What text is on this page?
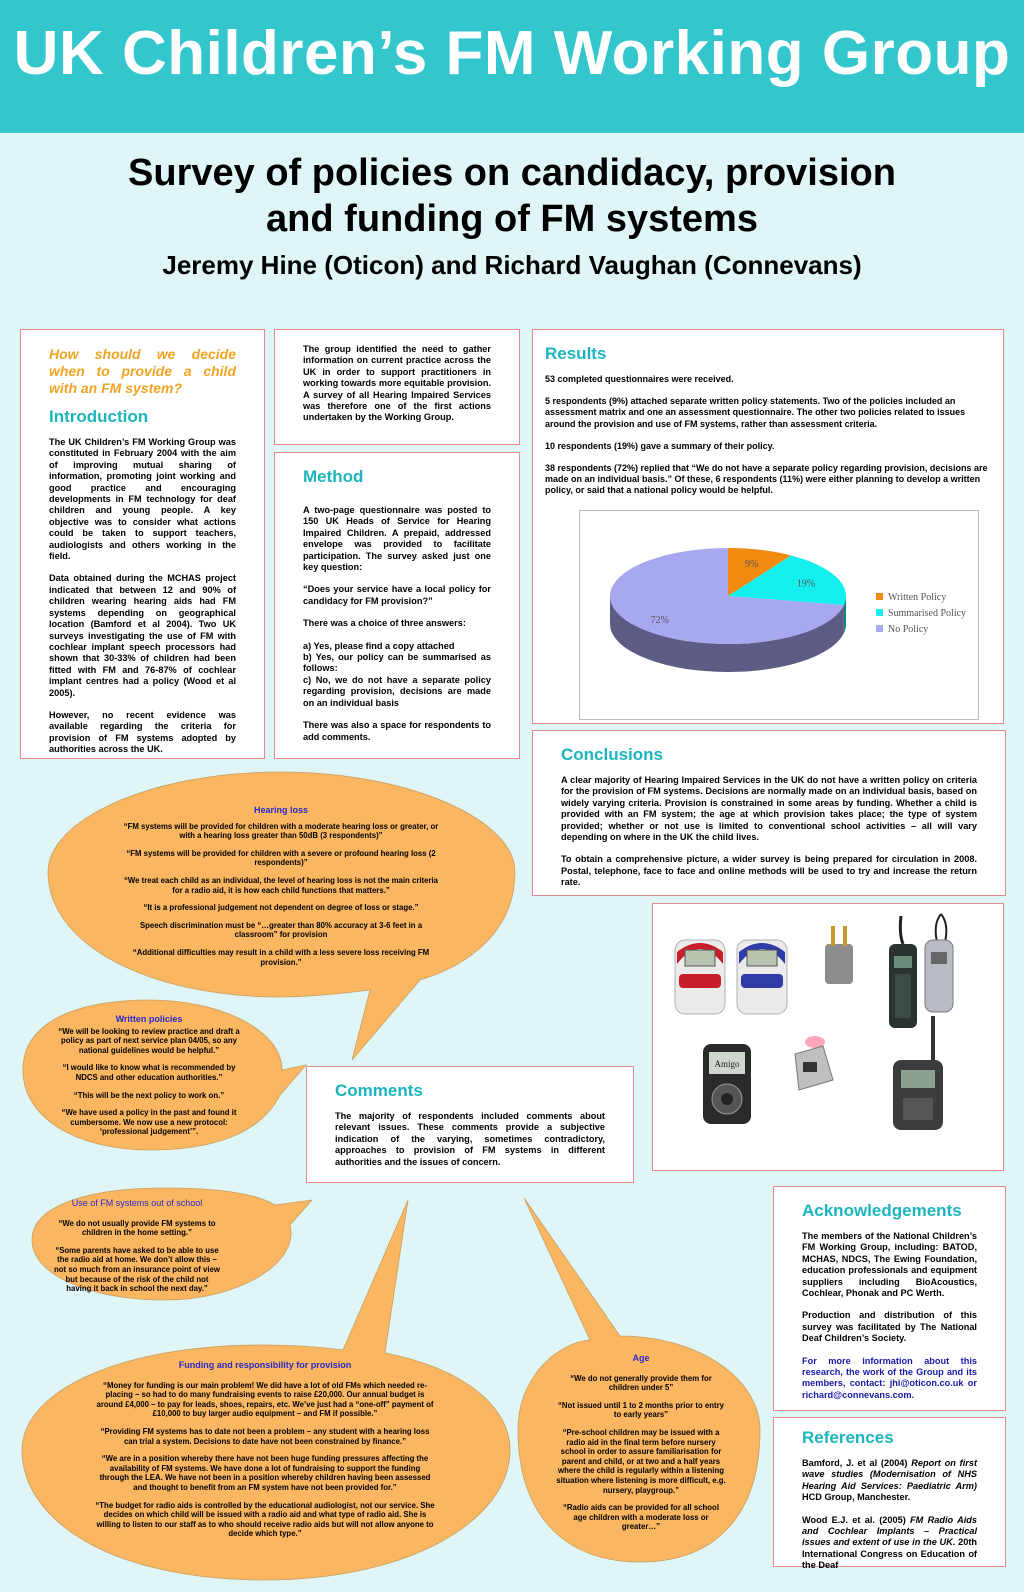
UK Children’s FM Working Group
Survey of policies on candidacy, provision
and funding of FM systems
Jeremy Hine (Oticon) and Richard Vaughan (Connevans)
How should we decide when to provide a child with an FM system?
Introduction

The UK Children’s FM Working Group was constituted in February 2004 with the aim of improving mutual sharing of information, promoting joint working and good practice and encouraging developments in FM technology for deaf children and young people. A key objective was to consider what actions could be taken to support teachers, audiologists and others working in the field.

Data obtained during the MCHAS project indicated that between 12 and 90% of children wearing hearing aids had FM systems depending on geographical location (Bamford et al 2004). Two UK surveys investigating the use of FM with cochlear implant speech processors had shown that 30-33% of children had been fitted with FM and 76-87% of cochlear implant centres had a policy (Wood et al 2005).

However, no recent evidence was available regarding the criteria for provision of FM systems adopted by authorities across the UK.

The group identified the need to gather information on current practice across the UK in order to support practitioners in working towards more equitable provision. A survey of all Hearing Impaired Services was therefore one of the first actions undertaken by the Working Group.
Method

A two-page questionnaire was posted to 150 UK Heads of Service for Hearing Impaired Children. A prepaid, addressed envelope was provided to facilitate participation. The survey asked just one key question:

“Does your service have a local policy for candidacy for FM provision?”

There was a choice of three answers:

a) Yes, please find a copy attached
b) Yes, our policy can be summarised as follows:

c) No, we do not have a separate policy regarding provision, decisions are made on an individual basis

There was also a space for respondents to add comments.

Results

53 completed questionnaires were received.

5 respondents (9%) attached separate written policy statements. Two of the policies included an assessment matrix and one an assessment questionnaire. The other two policies related to issues around the provision and use of FM systems, rather than assessment criteria.

10 respondents (19%) gave a summary of their policy.

38 respondents (72%) replied that “We do not have a separate policy regarding provision, decisions are made on an individual basis.” Of these, 6 respondents (11%) were either planning to develop a written policy, or said that a national policy would be helpful.

9%
19%
72%
Written Policy
Summarised Policy
No Policy
Conclusions

A clear majority of Hearing Impaired Services in the UK do not have a written policy on criteria for the provision of FM systems. Decisions are normally made on an individual basis, based on widely varying criteria. Provision is constrained in some areas by funding. Whether a child is provided with an FM system; the age at which provision takes place; the type of system provided; whether or not use is limited to conventional school activities – all will vary depending on where in the UK the child lives.

To obtain a comprehensive picture, a wider survey is being prepared for circulation in 2008. Postal, telephone, face to face and online methods will be used to try and increase the return rate.

Amigo
Comments
The majority of respondents included comments about relevant issues. These comments provide a subjective indication of the varying, sometimes contradictory, approaches to provision of FM systems in different authorities and the issues of concern.
Acknowledgements

The members of the National Children’s FM Working Group, including: BATOD, MCHAS, NDCS, The Ewing Foundation, education professionals and equipment suppliers including BioAcoustics, Cochlear, Phonak and PC Werth.

Production and distribution of this survey was facilitated by The National Deaf Children’s Society.

For more information about this research, the work of the Group and its members, contact: jhi@oticon.co.uk or richard@connevans.com.

References

Bamford, J. et al (2004) Report on first wave studies (Modernisation of NHS Hearing Aid Services: Paediatric Arm) HCD Group, Manchester.

Wood E.J. et al. (2005) FM Radio Aids and Cochlear Implants – Practical issues and extent of use in the UK. 20th International Congress on Education of the Deaf

Hearing loss

“FM systems will be provided for children with a moderate hearing loss or greater, or with a hearing loss greater than 50dB (3 respondents)”

“FM systems will be provided for children with a severe or profound hearing loss (2 respondents)”

“We treat each child as an individual, the level of hearing loss is not the main criteria for a radio aid, it is how each child functions that matters.”

“It is a professional judgement not dependent on degree of loss or stage.”

Speech discrimination must be “…greater than 80% accuracy at 3-6 feet in a classroom” for provision

“Additional difficulties may result in a child with a less severe loss receiving FM provision.”

Written policies

“We will be looking to review practice and draft a policy as part of next service plan 04/05, so any national guidelines would be helpful.”

“I would like to know what is recommended by NDCS and other education authorities.”

“This will be the next policy to work on.”

“We have used a policy in the past and found it cumbersome. We now use a new protocol: ‘professional judgement’”.

Use of FM systems out of school

“We do not usually provide FM systems to children in the home setting.”

“Some parents have asked to be able to use the radio aid at home. We don’t allow this – not so much from an insurance point of view but because of the risk of the child not having it back in school the next day.”

Funding and responsibility for provision

“Money for funding is our main problem! We did have a lot of old FMs which needed re-placing – so had to do many fundraising events to raise £20,000. Our annual budget is around £4,000 – to pay for leads, shoes, repairs, etc. We’ve just had a “one-off” payment of £10,000 to buy larger audio equipment – and FM if possible.”

“Providing FM systems has to date not been a problem – any student with a hearing loss can trial a system. Decisions to date have not been constrained by finance.”

“We are in a position whereby there have not been huge funding pressures affecting the availability of FM systems. We have done a lot of fundraising to support the funding through the LEA. We have not been in a position whereby children having been assessed and thought to benefit from an FM system have not been provided for.”

“The budget for radio aids is controlled by the educational audiologist, not our service. She decides on which child will be issued with a radio aid and what type of radio aid. She is willing to listen to our staff as to who should receive radio aids but will not allow anyone to decide which type.”

Age

“We do not generally provide them for children under 5”

“Not issued until 1 to 2 months prior to entry to early years”

“Pre-school children may be issued with a radio aid in the final term before nursery school in order to assure familiarisation for parent and child, or at two and a half years where the child is regularly within a listening situation where listening is more difficult, e.g. nursery, playgroup.”

“Radio aids can be provided for all school age children with a moderate loss or greater…”
